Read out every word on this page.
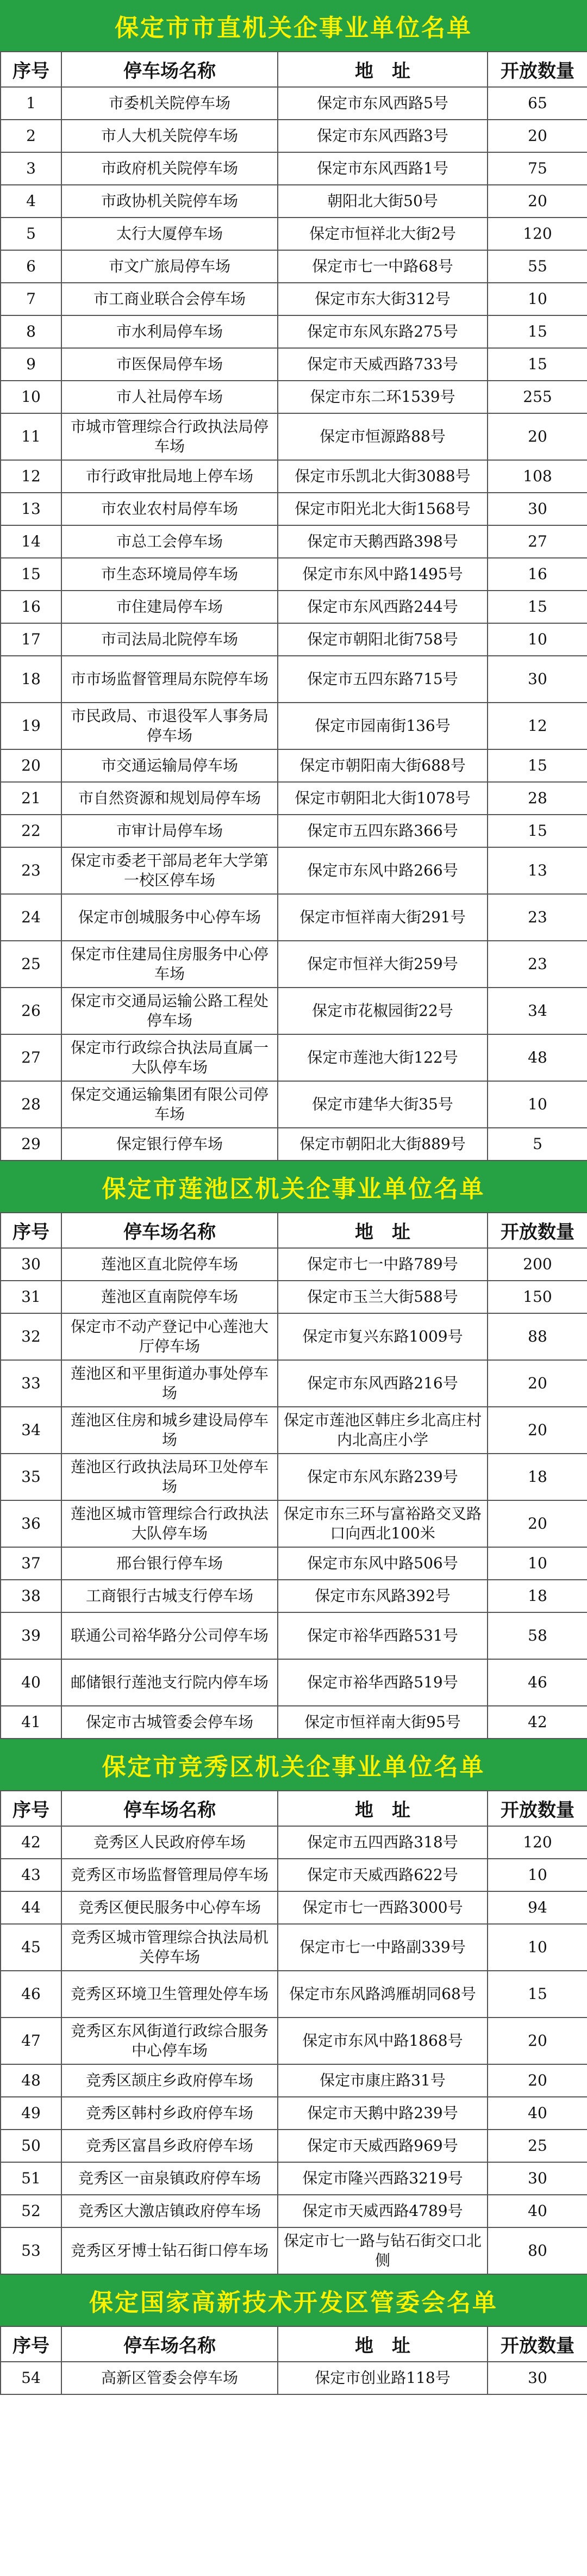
保定市市直机关企事业单位名单
序号	停车场名称	地　址	开放数量
1	市委机关院停车场	保定市东风西路5号	65
2	市人大机关院停车场	保定市东风西路3号	20
3	市政府机关院停车场	保定市东风西路1号	75
4	市政协机关院停车场	朝阳北大街50号	20
5	太行大厦停车场	保定市恒祥北大街2号	120
6	市文广旅局停车场	保定市七一中路68号	55
7	市工商业联合会停车场	保定市东大街312号	10
8	市水利局停车场	保定市东风东路275号	15
9	市医保局停车场	保定市天威西路733号	15
10	市人社局停车场	保定市东二环1539号	255
11	市城市管理综合行政执法局停车场	保定市恒源路88号	20
12	市行政审批局地上停车场	保定市乐凯北大街3088号	108
13	市农业农村局停车场	保定市阳光北大街1568号	30
14	市总工会停车场	保定市天鹅西路398号	27
15	市生态环境局停车场	保定市东风中路1495号	16
16	市住建局停车场	保定市东风西路244号	15
17	市司法局北院停车场	保定市朝阳北街758号	10
18	市市场监督管理局东院停车场	保定市五四东路715号	30
19	市民政局、市退役军人事务局停车场	保定市园南街136号	12
20	市交通运输局停车场	保定市朝阳南大街688号	15
21	市自然资源和规划局停车场	保定市朝阳北大街1078号	28
22	市审计局停车场	保定市五四东路366号	15
23	保定市委老干部局老年大学第一校区停车场	保定市东风中路266号	13
24	保定市创城服务中心停车场	保定市恒祥南大街291号	23
25	保定市住建局住房服务中心停车场	保定市恒祥大街259号	23
26	保定市交通局运输公路工程处停车场	保定市花椒园街22号	34
27	保定市行政综合执法局直属一大队停车场	保定市莲池大街122号	48
28	保定交通运输集团有限公司停车场	保定市建华大街35号	10
29	保定银行停车场	保定市朝阳北大街889号	5
保定市莲池区机关企事业单位名单
序号	停车场名称	地　址	开放数量
30	莲池区直北院停车场	保定市七一中路789号	200
31	莲池区直南院停车场	保定市玉兰大街588号	150
32	保定市不动产登记中心莲池大厅停车场	保定市复兴东路1009号	88
33	莲池区和平里街道办事处停车场	保定市东风西路216号	20
34	莲池区住房和城乡建设局停车场	保定市莲池区韩庄乡北高庄村内北高庄小学	20
35	莲池区行政执法局环卫处停车场	保定市东风东路239号	18
36	莲池区城市管理综合行政执法大队停车场	保定市东三环与富裕路交叉路口向西北100米	20
37	邢台银行停车场	保定市东风中路506号	10
38	工商银行古城支行停车场	保定市东风路392号	18
39	联通公司裕华路分公司停车场	保定市裕华西路531号	58
40	邮储银行莲池支行院内停车场	保定市裕华西路519号	46
41	保定市古城管委会停车场	保定市恒祥南大街95号	42
保定市竞秀区机关企事业单位名单
序号	停车场名称	地　址	开放数量
42	竞秀区人民政府停车场	保定市五四西路318号	120
43	竞秀区市场监督管理局停车场	保定市天威西路622号	10
44	竞秀区便民服务中心停车场	保定市七一西路3000号	94
45	竞秀区城市管理综合执法局机关停车场	保定市七一中路副339号	10
46	竞秀区环境卫生管理处停车场	保定市东风路鸿雁胡同68号	15
47	竞秀区东风街道行政综合服务中心停车场	保定市东风中路1868号	20
48	竞秀区颉庄乡政府停车场	保定市康庄路31号	20
49	竞秀区韩村乡政府停车场	保定市天鹅中路239号	40
50	竞秀区富昌乡政府停车场	保定市天威西路969号	25
51	竞秀区一亩泉镇政府停车场	保定市隆兴西路3219号	30
52	竞秀区大激店镇政府停车场	保定市天威西路4789号	40
53	竞秀区牙博士钻石街口停车场	保定市七一路与钻石街交口北侧	80
保定国家高新技术开发区管委会名单
序号	停车场名称	地　址	开放数量
54	高新区管委会停车场	保定市创业路118号	30
